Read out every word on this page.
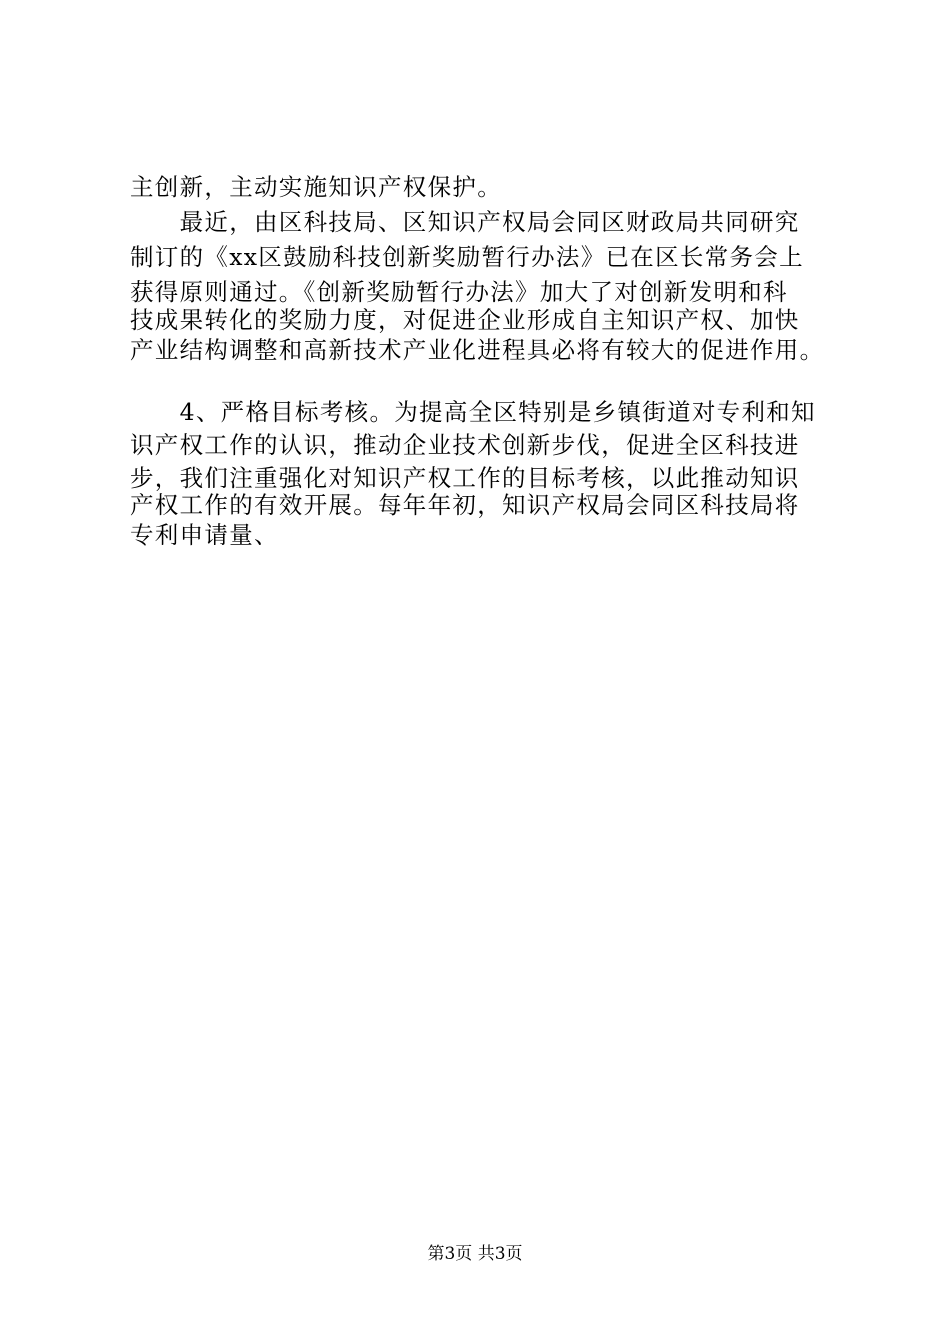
主创新，主动实施知识产权保护。
　　最近，由区科技局、区知识产权局会同区财政局共同研究
制订的《xx区鼓励科技创新奖励暂行办法》已在区长常务会上
获得原则通过。《创新奖励暂行办法》加大了对创新发明和科
技成果转化的奖励力度，对促进企业形成自主知识产权、加快
产业结构调整和高新技术产业化进程具必将有较大的促进作用。
　　4、严格目标考核。为提高全区特别是乡镇街道对专利和知
识产权工作的认识，推动企业技术创新步伐，促进全区科技进
步，我们注重强化对知识产权工作的目标考核，以此推动知识
产权工作的有效开展。每年年初，知识产权局会同区科技局将
专利申请量、
第3页 共3页
